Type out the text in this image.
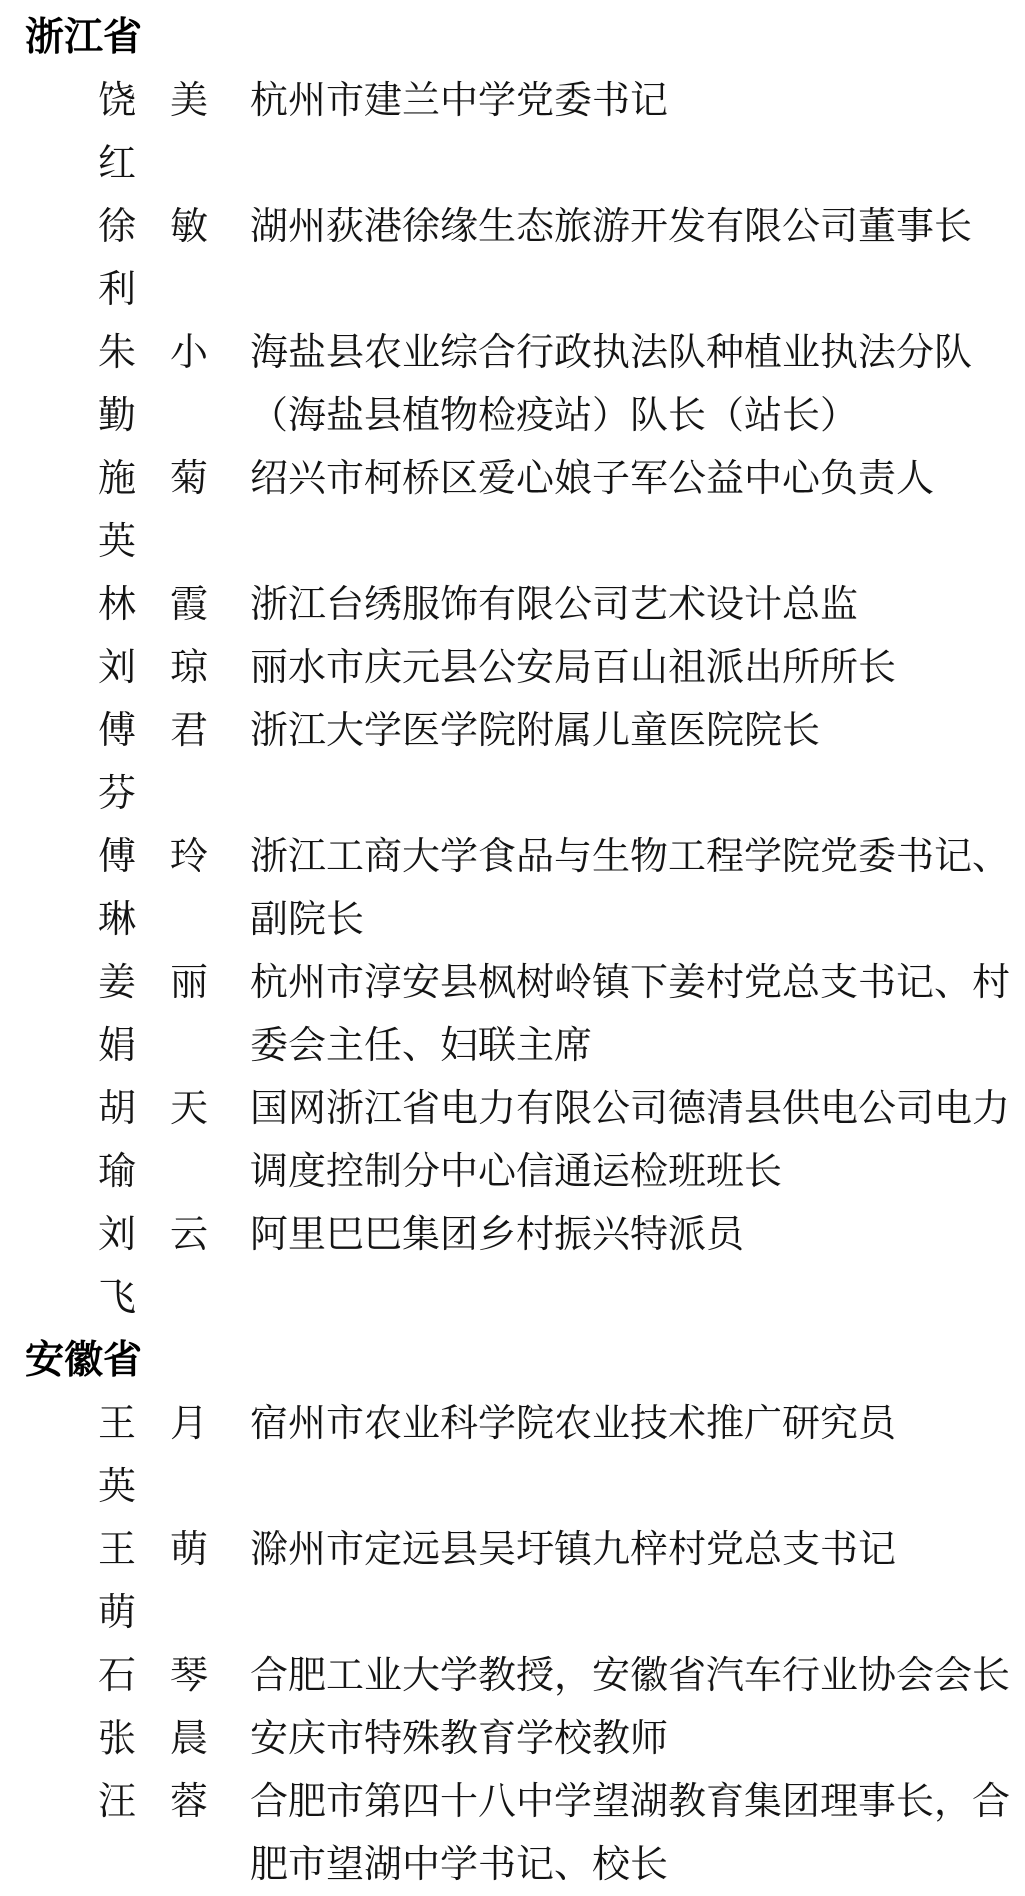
浙江省
饶美红
杭州市建兰中学党委书记
徐敏利
湖州荻港徐缘生态旅游开发有限公司董事长
朱小勤
海盐县农业综合行政执法队种植业执法分队
（海盐县植物检疫站）队长（站长）
施菊英
绍兴市柯桥区爱心娘子军公益中心负责人
林霞 浙江台绣服饰有限公司艺术设计总监
刘琼 丽水市庆元县公安局百山祖派出所所长
傅君芬
浙江大学医学院附属儿童医院院长
傅玲琳
浙江工商大学食品与生物工程学院党委书记、
副院长
姜丽娟
杭州市淳安县枫树岭镇下姜村党总支书记、村
委会主任、妇联主席
胡天瑜
国网浙江省电力有限公司德清县供电公司电力
调度控制分中心信通运检班班长
刘云飞
阿里巴巴集团乡村振兴特派员
安徽省
王月英
宿州市农业科学院农业技术推广研究员
王萌萌
滁州市定远县吴圩镇九梓村党总支书记
石琴 合肥工业大学教授，安徽省汽车行业协会会长
张晨 安庆市特殊教育学校教师
汪蓉 合肥市第四十八中学望湖教育集团理事长，合
肥市望湖中学书记、校长
